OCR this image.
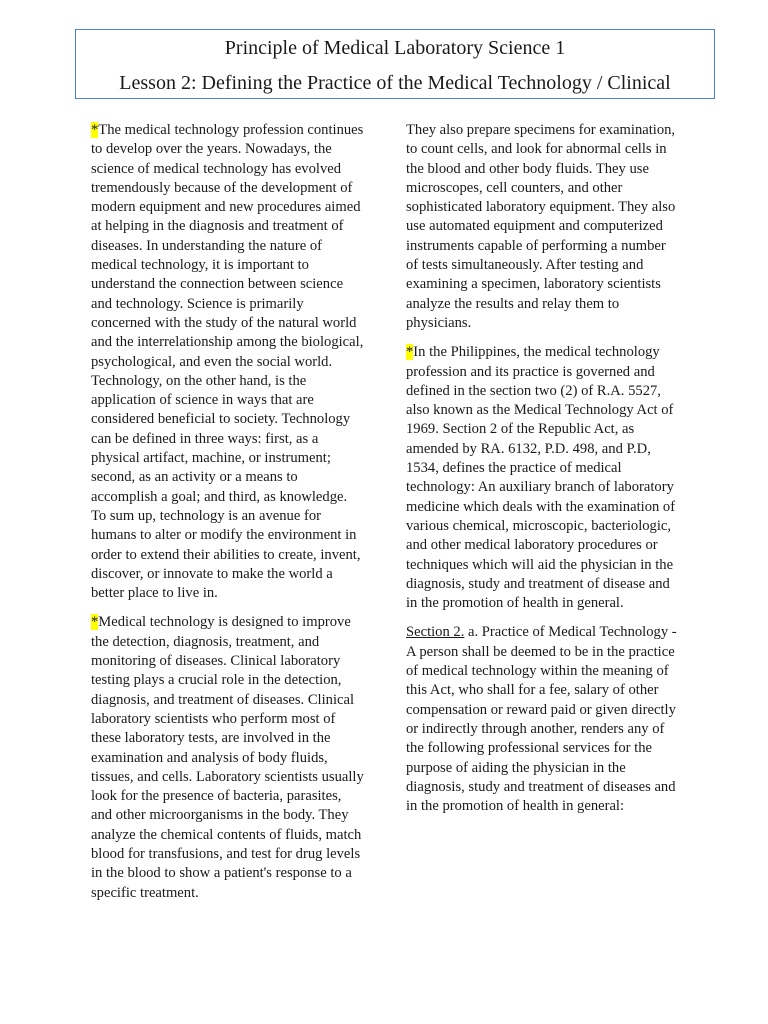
Principle of Medical Laboratory Science 1
Lesson 2: Defining the Practice of the Medical Technology / Clinical

*The medical technology profession continues to develop over the years. Nowadays, the science of medical technology has evolved tremendously because of the development of modern equipment and new procedures aimed at helping in the diagnosis and treatment of diseases. In understanding the nature of medical technology, it is important to understand the connection between science and technology. Science is primarily concerned with the study of the natural world and the interrelationship among the biological, psychological, and even the social world. Technology, on the other hand, is the application of science in ways that are considered beneficial to society. Technology can be defined in three ways: first, as a physical artifact, machine, or instrument; second, as an activity or a means to accomplish a goal; and third, as knowledge. To sum up, technology is an avenue for humans to alter or modify the environment in order to extend their abilities to create, invent, discover, or innovate to make the world a better place to live in.

*Medical technology is designed to improve the detection, diagnosis, treatment, and monitoring of diseases. Clinical laboratory testing plays a crucial role in the detection, diagnosis, and treatment of diseases. Clinical laboratory scientists who perform most of these laboratory tests, are involved in the examination and analysis of body fluids, tissues, and cells. Laboratory scientists usually look for the presence of bacteria, parasites, and other microorganisms in the body. They analyze the chemical contents of fluids, match blood for transfusions, and test for drug levels in the blood to show a patient's response to a specific treatment.

They also prepare specimens for examination, to count cells, and look for abnormal cells in the blood and other body fluids. They use microscopes, cell counters, and other sophisticated laboratory equipment. They also use automated equipment and computerized instruments capable of performing a number of tests simultaneously. After testing and examining a specimen, laboratory scientists analyze the results and relay them to physicians.

*In the Philippines, the medical technology profession and its practice is governed and defined in the section two (2) of R.A. 5527, also known as the Medical Technology Act of 1969. Section 2 of the Republic Act, as amended by RA. 6132, P.D. 498, and P.D, 1534, defines the practice of medical technology: An auxiliary branch of laboratory medicine which deals with the examination of various chemical, microscopic, bacteriologic, and other medical laboratory procedures or techniques which will aid the physician in the diagnosis, study and treatment of disease and in the promotion of health in general.

Section 2. a. Practice of Medical Technology - A person shall be deemed to be in the practice of medical technology within the meaning of this Act, who shall for a fee, salary of other compensation or reward paid or given directly or indirectly through another, renders any of the following professional services for the purpose of aiding the physician in the diagnosis, study and treatment of diseases and in the promotion of health in general:
